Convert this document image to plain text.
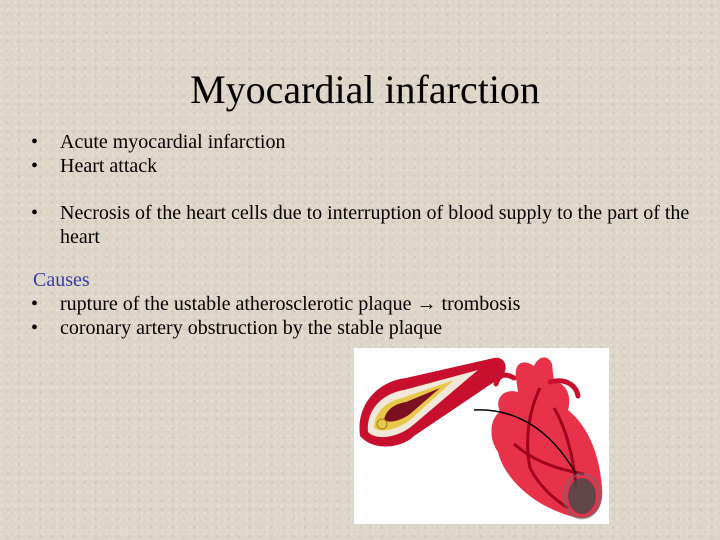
Myocardial infarction
• Acute myocardial infarction
• Heart attack
• Necrosis of the heart cells due to interruption of blood supply to the part of the heart
Causes
• rupture of the ustable atherosclerotic plaque → trombosis
• coronary artery obstruction by the stable plaque
